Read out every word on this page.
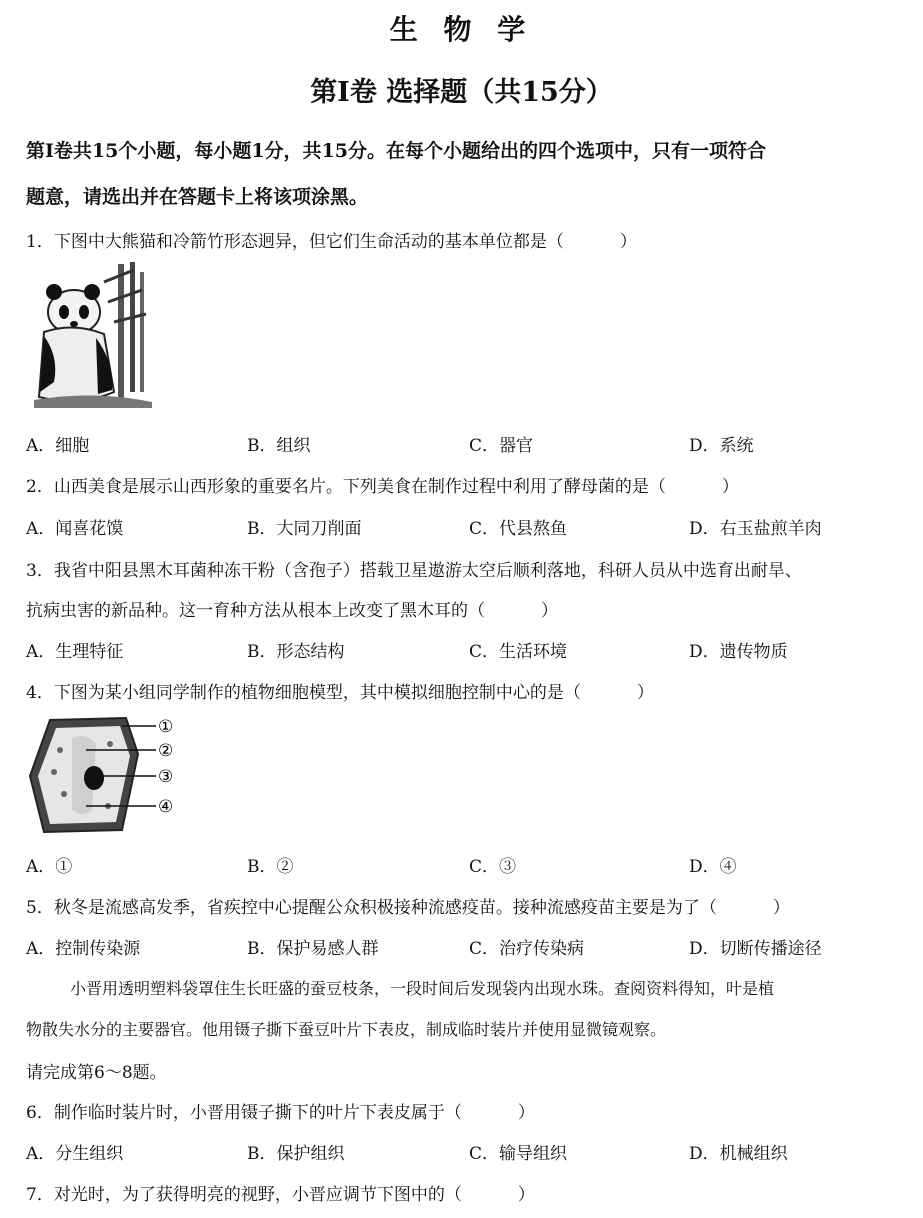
生 物 学
第Ⅰ卷 选择题（共15分）
第Ⅰ卷共15个小题，每小题1分，共15分。在每个小题给出的四个选项中，只有一项符合
题意，请选出并在答题卡上将该项涂黑。
1．下图中大熊猫和冷箭竹形态迥异，但它们生命活动的基本单位都是（	）
A．细胞	B．组织	C．器官	D．系统
2．山西美食是展示山西形象的重要名片。下列美食在制作过程中利用了酵母菌的是（	）
A．闻喜花馍	B．大同刀削面	C．代县熬鱼	D．右玉盐煎羊肉
3．我省中阳县黑木耳菌种冻干粉（含孢子）搭载卫星遨游太空后顺利落地，科研人员从中选育出耐旱、
抗病虫害的新品种。这一育种方法从根本上改变了黑木耳的（	）
A．生理特征	B．形态结构	C．生活环境	D．遗传物质
4．下图为某小组同学制作的植物细胞模型，其中模拟细胞控制中心的是（	）
①
②
③
④
A．①	B．②	C．③	D．④
5．秋冬是流感高发季，省疾控中心提醒公众积极接种流感疫苗。接种流感疫苗主要是为了（	）
A．控制传染源	B．保护易感人群	C．治疗传染病	D．切断传播途径
小晋用透明塑料袋罩住生长旺盛的蚕豆枝条，一段时间后发现袋内出现水珠。查阅资料得知，叶是植
物散失水分的主要器官。他用镊子撕下蚕豆叶片下表皮，制成临时装片并使用显微镜观察。
请完成第6～8题。
6．制作临时装片时，小晋用镊子撕下的叶片下表皮属于（	）
A．分生组织	B．保护组织	C．输导组织	D．机械组织
7．对光时，为了获得明亮的视野，小晋应调节下图中的（	）
